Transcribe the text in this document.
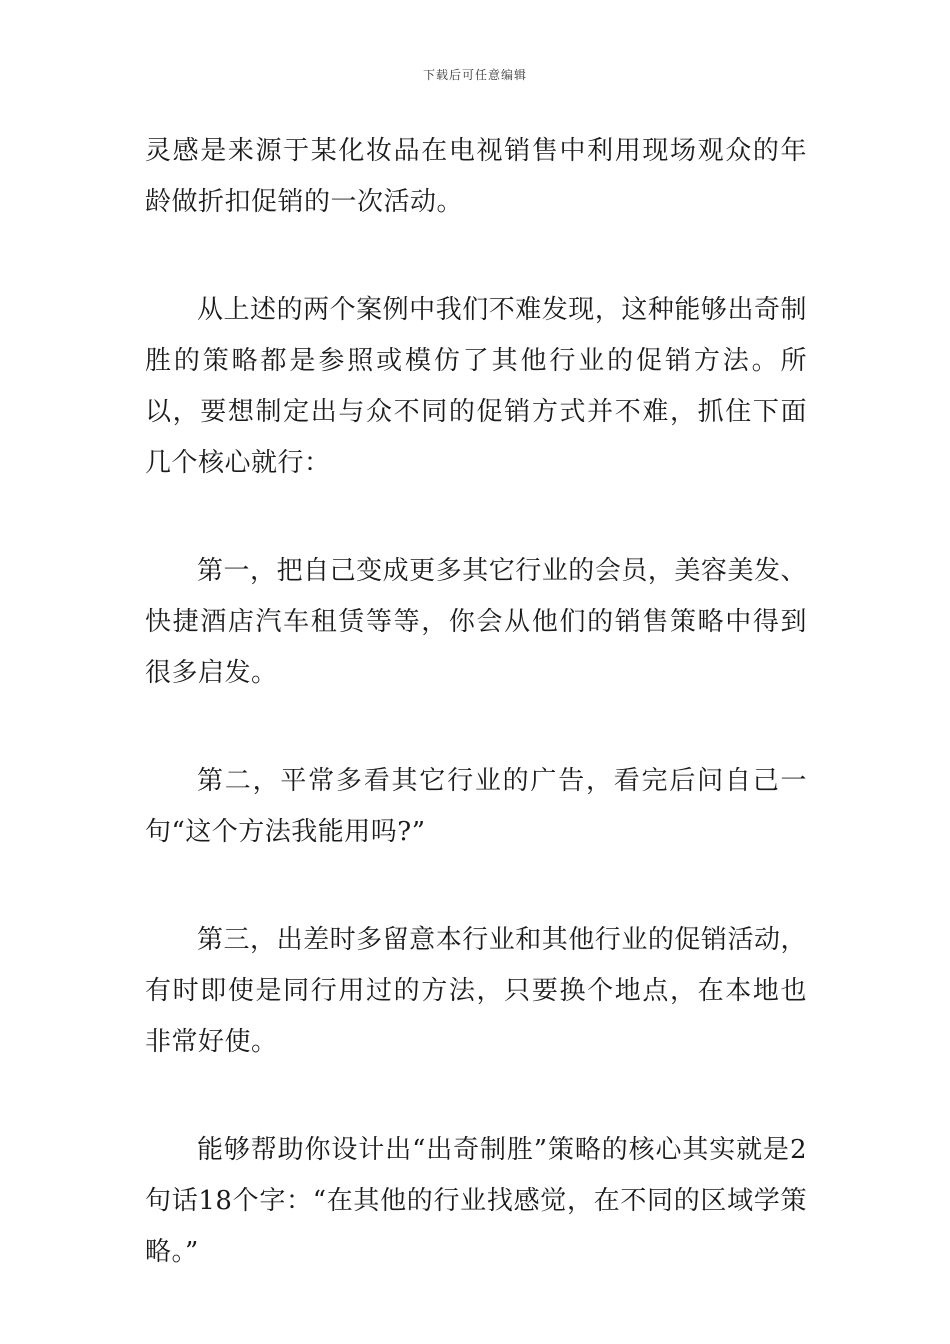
下载后可任意编辑

灵感是来源于某化妆品在电视销售中利用现场观众的年龄做折扣促销的一次活动。

从上述的两个案例中我们不难发现，这种能够出奇制胜的策略都是参照或模仿了其他行业的促销方法。所以，要想制定出与众不同的促销方式并不难，抓住下面几个核心就行：

第一，把自己变成更多其它行业的会员，美容美发、快捷酒店汽车租赁等等，你会从他们的销售策略中得到很多启发。

第二，平常多看其它行业的广告，看完后问自己一句“这个方法我能用吗?”

第三，出差时多留意本行业和其他行业的促销活动，有时即使是同行用过的方法，只要换个地点，在本地也非常好使。

能够帮助你设计出“出奇制胜”策略的核心其实就是2句话18个字：“在其他的行业找感觉，在不同的区域学策略。”
